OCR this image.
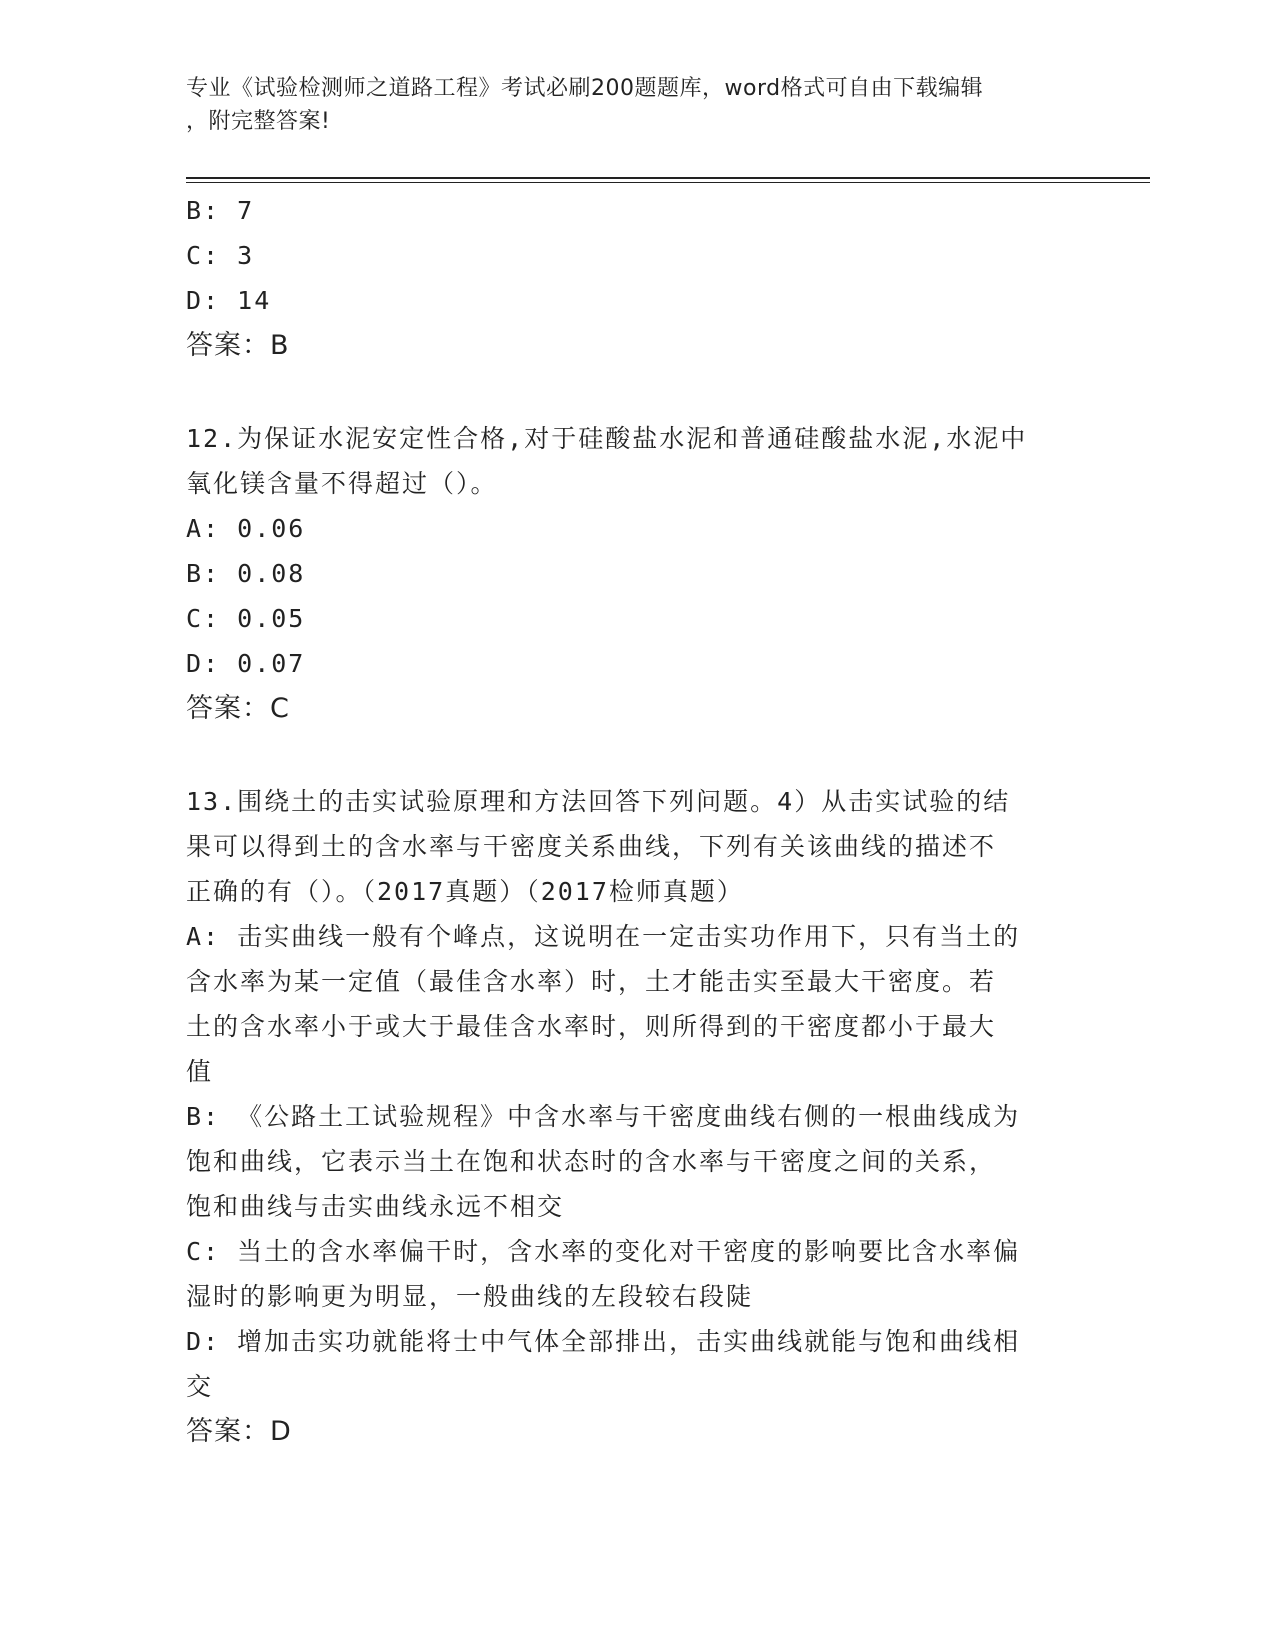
专业《试验检测师之道路工程》考试必刷200题题库，word格式可自由下载编辑
，附完整答案!
B: 7
C: 3
D: 14
答案：B
12.为保证水泥安定性合格,对于硅酸盐水泥和普通硅酸盐水泥,水泥中
氧化镁含量不得超过（）。
A: 0.06
B: 0.08
C: 0.05
D: 0.07
答案：C
13.围绕土的击实试验原理和方法回答下列问题。4）从击实试验的结
果可以得到土的含水率与干密度关系曲线，下列有关该曲线的描述不
正确的有（）。（2017真题）（2017检师真题）
A: 击实曲线一般有个峰点，这说明在一定击实功作用下，只有当土的
含水率为某一定值（最佳含水率）时，土才能击实至最大干密度。若
土的含水率小于或大于最佳含水率时，则所得到的干密度都小于最大
值
B: 《公路土工试验规程》中含水率与干密度曲线右侧的一根曲线成为
饱和曲线，它表示当土在饱和状态时的含水率与干密度之间的关系，
饱和曲线与击实曲线永远不相交
C: 当土的含水率偏干时，含水率的变化对干密度的影响要比含水率偏
湿时的影响更为明显，一般曲线的左段较右段陡
D: 增加击实功就能将士中气体全部排出，击实曲线就能与饱和曲线相
交
答案：D
